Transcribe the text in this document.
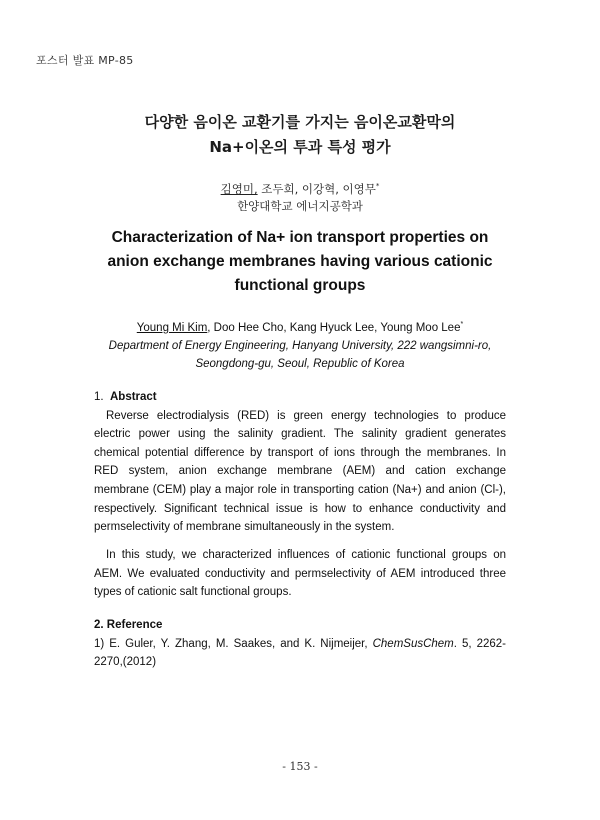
포스터 발표 MP-85
다양한 음이온 교환기를 가지는 음이온교환막의
Na+이온의 투과 특성 평가
김영미, 조두희, 이강혁, 이영무*
한양대학교 에너지공학과
Characterization of Na+ ion transport properties on
anion exchange membranes having various cationic
functional groups
Young Mi Kim, Doo Hee Cho, Kang Hyuck Lee, Young Moo Lee*
Department of Energy Engineering, Hanyang University, 222 wangsimni-ro,
Seongdong-gu, Seoul, Republic of Korea
1. Abstract

Reverse electrodialysis (RED) is green energy technologies to produce electric power using the salinity gradient. The salinity gradient generates chemical potential difference by transport of ions through the membranes. In RED system, anion exchange membrane (AEM) and cation exchange membrane (CEM) play a major role in transporting cation (Na+) and anion (Cl-), respectively. Significant technical issue is how to enhance conductivity and permselectivity of membrane simultaneously in the system.

In this study, we characterized influences of cationic functional groups on AEM. We evaluated conductivity and permselectivity of AEM introduced three types of cationic salt functional groups.

2. Reference
1) E. Guler, Y. Zhang, M. Saakes, and K. Nijmeijer, ChemSusChem. 5, 2262-2270,(2012)
- 153 -
